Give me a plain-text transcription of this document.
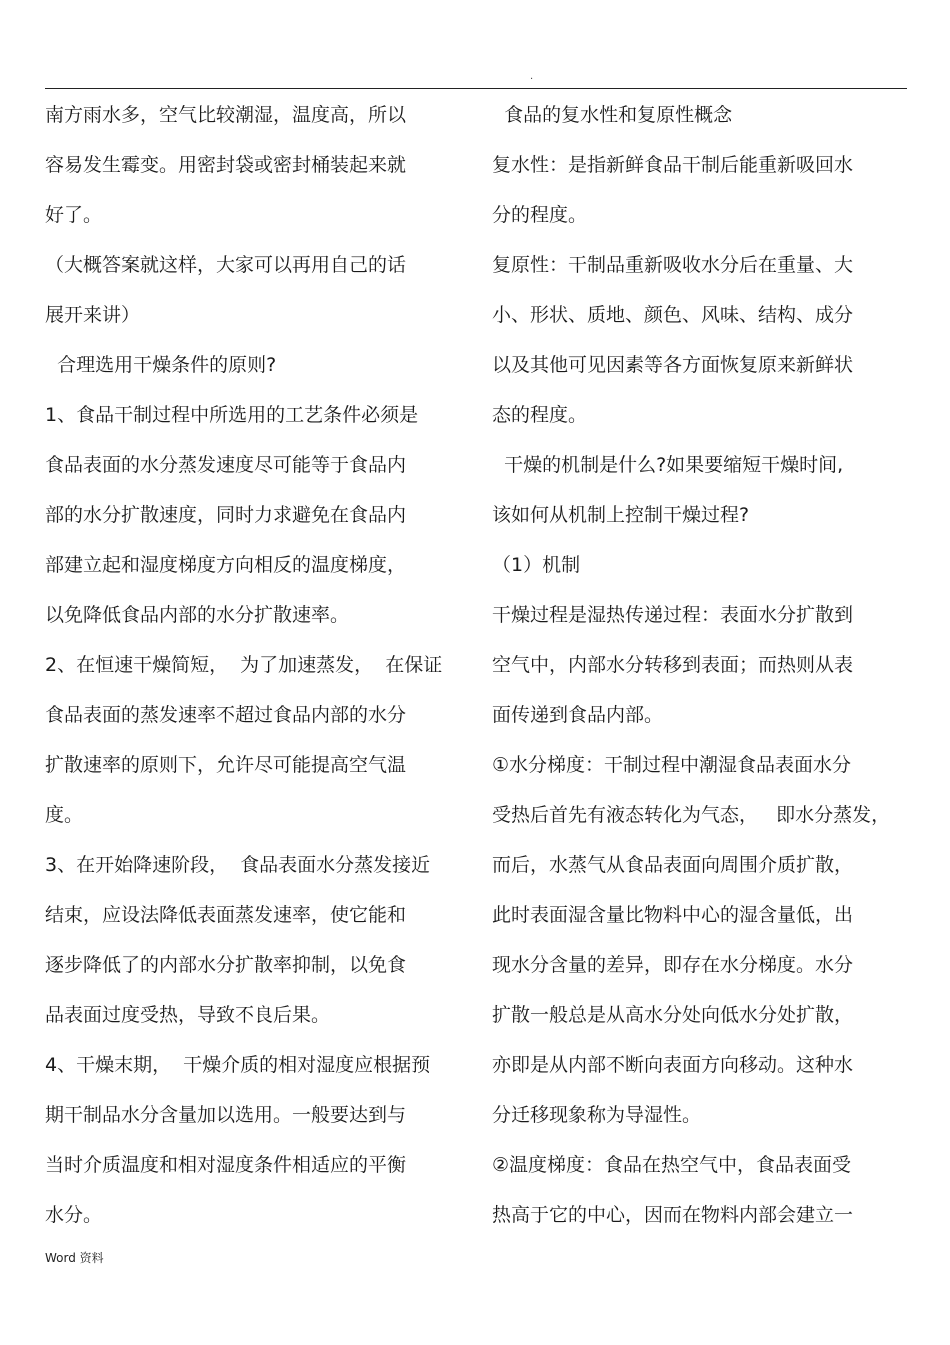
.
南方雨水多，空气比较潮湿，温度高，所以
容易发生霉变。用密封袋或密封桶装起来就
好了。
（大概答案就这样，大家可以再用自己的话
展开来讲）
合理选用干燥条件的原则?
1、食品干制过程中所选用的工艺条件必须是
食品表面的水分蒸发速度尽可能等于食品内
部的水分扩散速度，同时力求避免在食品内
部建立起和湿度梯度方向相反的温度梯度，
以免降低食品内部的水分扩散速率。
2、在恒速干燥简短，  为了加速蒸发，  在保证
食品表面的蒸发速率不超过食品内部的水分
扩散速率的原则下，允许尽可能提高空气温
度。
3、在开始降速阶段，  食品表面水分蒸发接近
结束，应设法降低表面蒸发速率，使它能和
逐步降低了的内部水分扩散率抑制，以免食
品表面过度受热，导致不良后果。
4、干燥末期，  干燥介质的相对湿度应根据预
期干制品水分含量加以选用。一般要达到与
当时介质温度和相对湿度条件相适应的平衡
水分。
食品的复水性和复原性概念
复水性：是指新鲜食品干制后能重新吸回水
分的程度。
复原性：干制品重新吸收水分后在重量、大
小、形状、质地、颜色、风味、结构、成分
以及其他可见因素等各方面恢复原来新鲜状
态的程度。
干燥的机制是什么?如果要缩短干燥时间,
该如何从机制上控制干燥过程?
（1）机制
干燥过程是湿热传递过程：表面水分扩散到
空气中，内部水分转移到表面；而热则从表
面传递到食品内部。
①水分梯度：干制过程中潮湿食品表面水分
受热后首先有液态转化为气态，   即水分蒸发，
而后，水蒸气从食品表面向周围介质扩散，
此时表面湿含量比物料中心的湿含量低，出
现水分含量的差异，即存在水分梯度。水分
扩散一般总是从高水分处向低水分处扩散，
亦即是从内部不断向表面方向移动。这种水
分迁移现象称为导湿性。
②温度梯度：食品在热空气中，食品表面受
热高于它的中心，因而在物料内部会建立一
Word 资料
